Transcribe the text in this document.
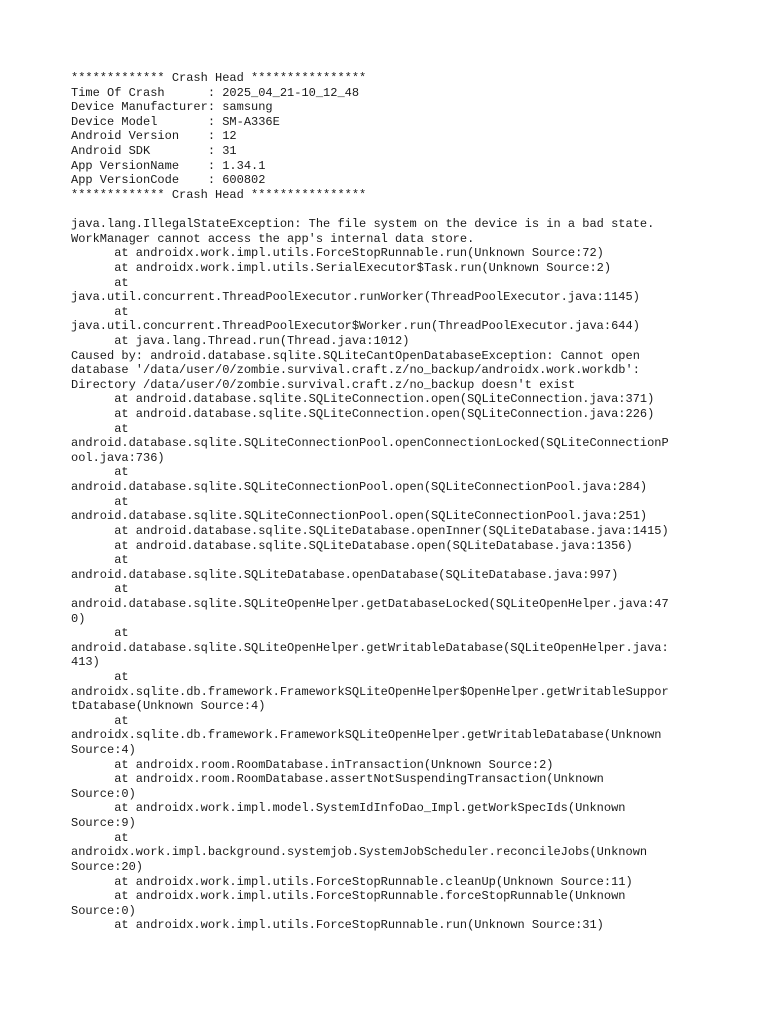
************* Crash Head ****************
Time Of Crash      : 2025_04_21-10_12_48
Device Manufacturer: samsung
Device Model       : SM-A336E
Android Version    : 12
Android SDK        : 31
App VersionName    : 1.34.1
App VersionCode    : 600802
************* Crash Head ****************
java.lang.IllegalStateException: The file system on the device is in a bad state.
WorkManager cannot access the app's internal data store.
at androidx.work.impl.utils.ForceStopRunnable.run(Unknown Source:72)
at androidx.work.impl.utils.SerialExecutor$Task.run(Unknown Source:2)
at
java.util.concurrent.ThreadPoolExecutor.runWorker(ThreadPoolExecutor.java:1145)
at
java.util.concurrent.ThreadPoolExecutor$Worker.run(ThreadPoolExecutor.java:644)
at java.lang.Thread.run(Thread.java:1012)
Caused by: android.database.sqlite.SQLiteCantOpenDatabaseException: Cannot open
database '/data/user/0/zombie.survival.craft.z/no_backup/androidx.work.workdb':
Directory /data/user/0/zombie.survival.craft.z/no_backup doesn't exist
at android.database.sqlite.SQLiteConnection.open(SQLiteConnection.java:371)
at android.database.sqlite.SQLiteConnection.open(SQLiteConnection.java:226)
at
android.database.sqlite.SQLiteConnectionPool.openConnectionLocked(SQLiteConnectionP
ool.java:736)
at
android.database.sqlite.SQLiteConnectionPool.open(SQLiteConnectionPool.java:284)
at
android.database.sqlite.SQLiteConnectionPool.open(SQLiteConnectionPool.java:251)
at android.database.sqlite.SQLiteDatabase.openInner(SQLiteDatabase.java:1415)
at android.database.sqlite.SQLiteDatabase.open(SQLiteDatabase.java:1356)
at
android.database.sqlite.SQLiteDatabase.openDatabase(SQLiteDatabase.java:997)
at
android.database.sqlite.SQLiteOpenHelper.getDatabaseLocked(SQLiteOpenHelper.java:47
0)
at
android.database.sqlite.SQLiteOpenHelper.getWritableDatabase(SQLiteOpenHelper.java:
413)
at
androidx.sqlite.db.framework.FrameworkSQLiteOpenHelper$OpenHelper.getWritableSuppor
tDatabase(Unknown Source:4)
at
androidx.sqlite.db.framework.FrameworkSQLiteOpenHelper.getWritableDatabase(Unknown
Source:4)
at androidx.room.RoomDatabase.inTransaction(Unknown Source:2)
at androidx.room.RoomDatabase.assertNotSuspendingTransaction(Unknown
Source:0)
at androidx.work.impl.model.SystemIdInfoDao_Impl.getWorkSpecIds(Unknown
Source:9)
at
androidx.work.impl.background.systemjob.SystemJobScheduler.reconcileJobs(Unknown
Source:20)
at androidx.work.impl.utils.ForceStopRunnable.cleanUp(Unknown Source:11)
at androidx.work.impl.utils.ForceStopRunnable.forceStopRunnable(Unknown
Source:0)
at androidx.work.impl.utils.ForceStopRunnable.run(Unknown Source:31)
